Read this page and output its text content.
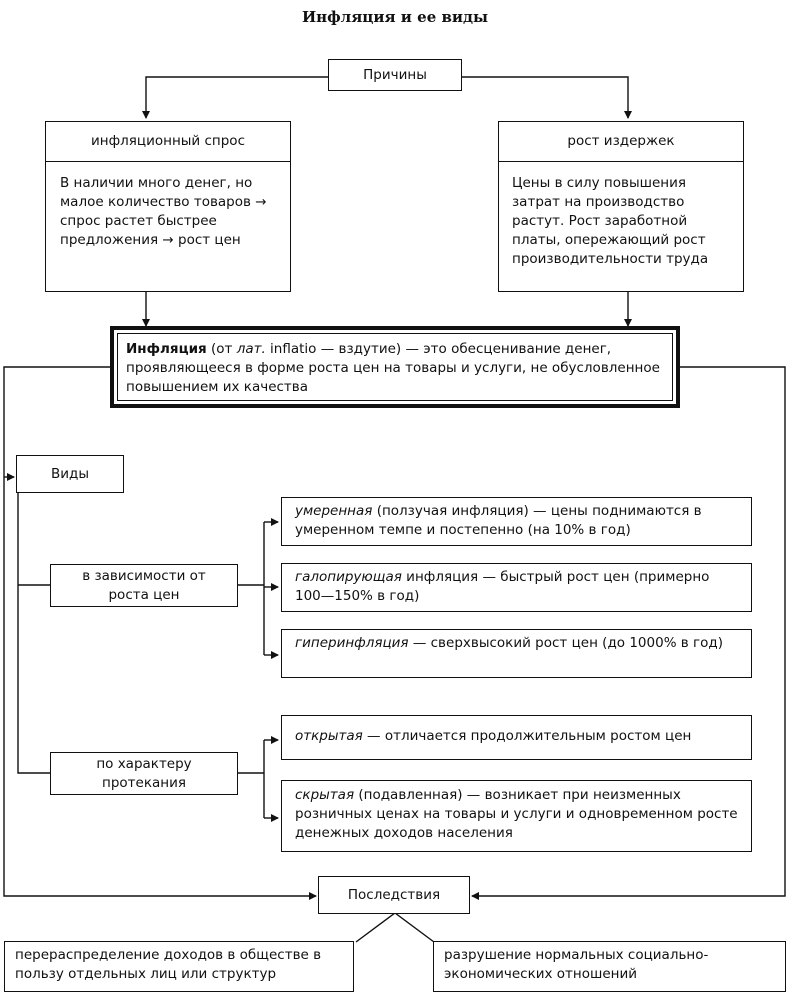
Инфляция и ее виды
Причины
инфляционный спрос
В наличии много денег, но малое количество товаров → спрос растет быстрее предложения → рост цен
рост издержек
Цены в силу повышения затрат на производство растут. Рост заработной платы, опережающий рост производительности труда
Инфляция (от лат. inflatio — вздутие) — это обесценивание денег, проявляющееся в форме роста цен на товары и услуги, не обусловленное повышением их качества
Виды
в зависимости от роста цен
умеренная (ползучая инфляция) — цены поднимаются в умеренном темпе и постепенно (на 10% в год)
галопирующая инфляция — быстрый рост цен (примерно 100—150% в год)
гиперинфляция — сверхвысокий рост цен (до 1000% в год)
по характеру протекания
открытая — отличается продолжительным ростом цен
скрытая (подавленная) — возникает при неизменных розничных ценах на товары и услуги и одновременном росте денежных доходов населения
Последствия
перераспределение доходов в обществе в пользу отдельных лиц или структур
разрушение нормальных социально-экономических отношений
